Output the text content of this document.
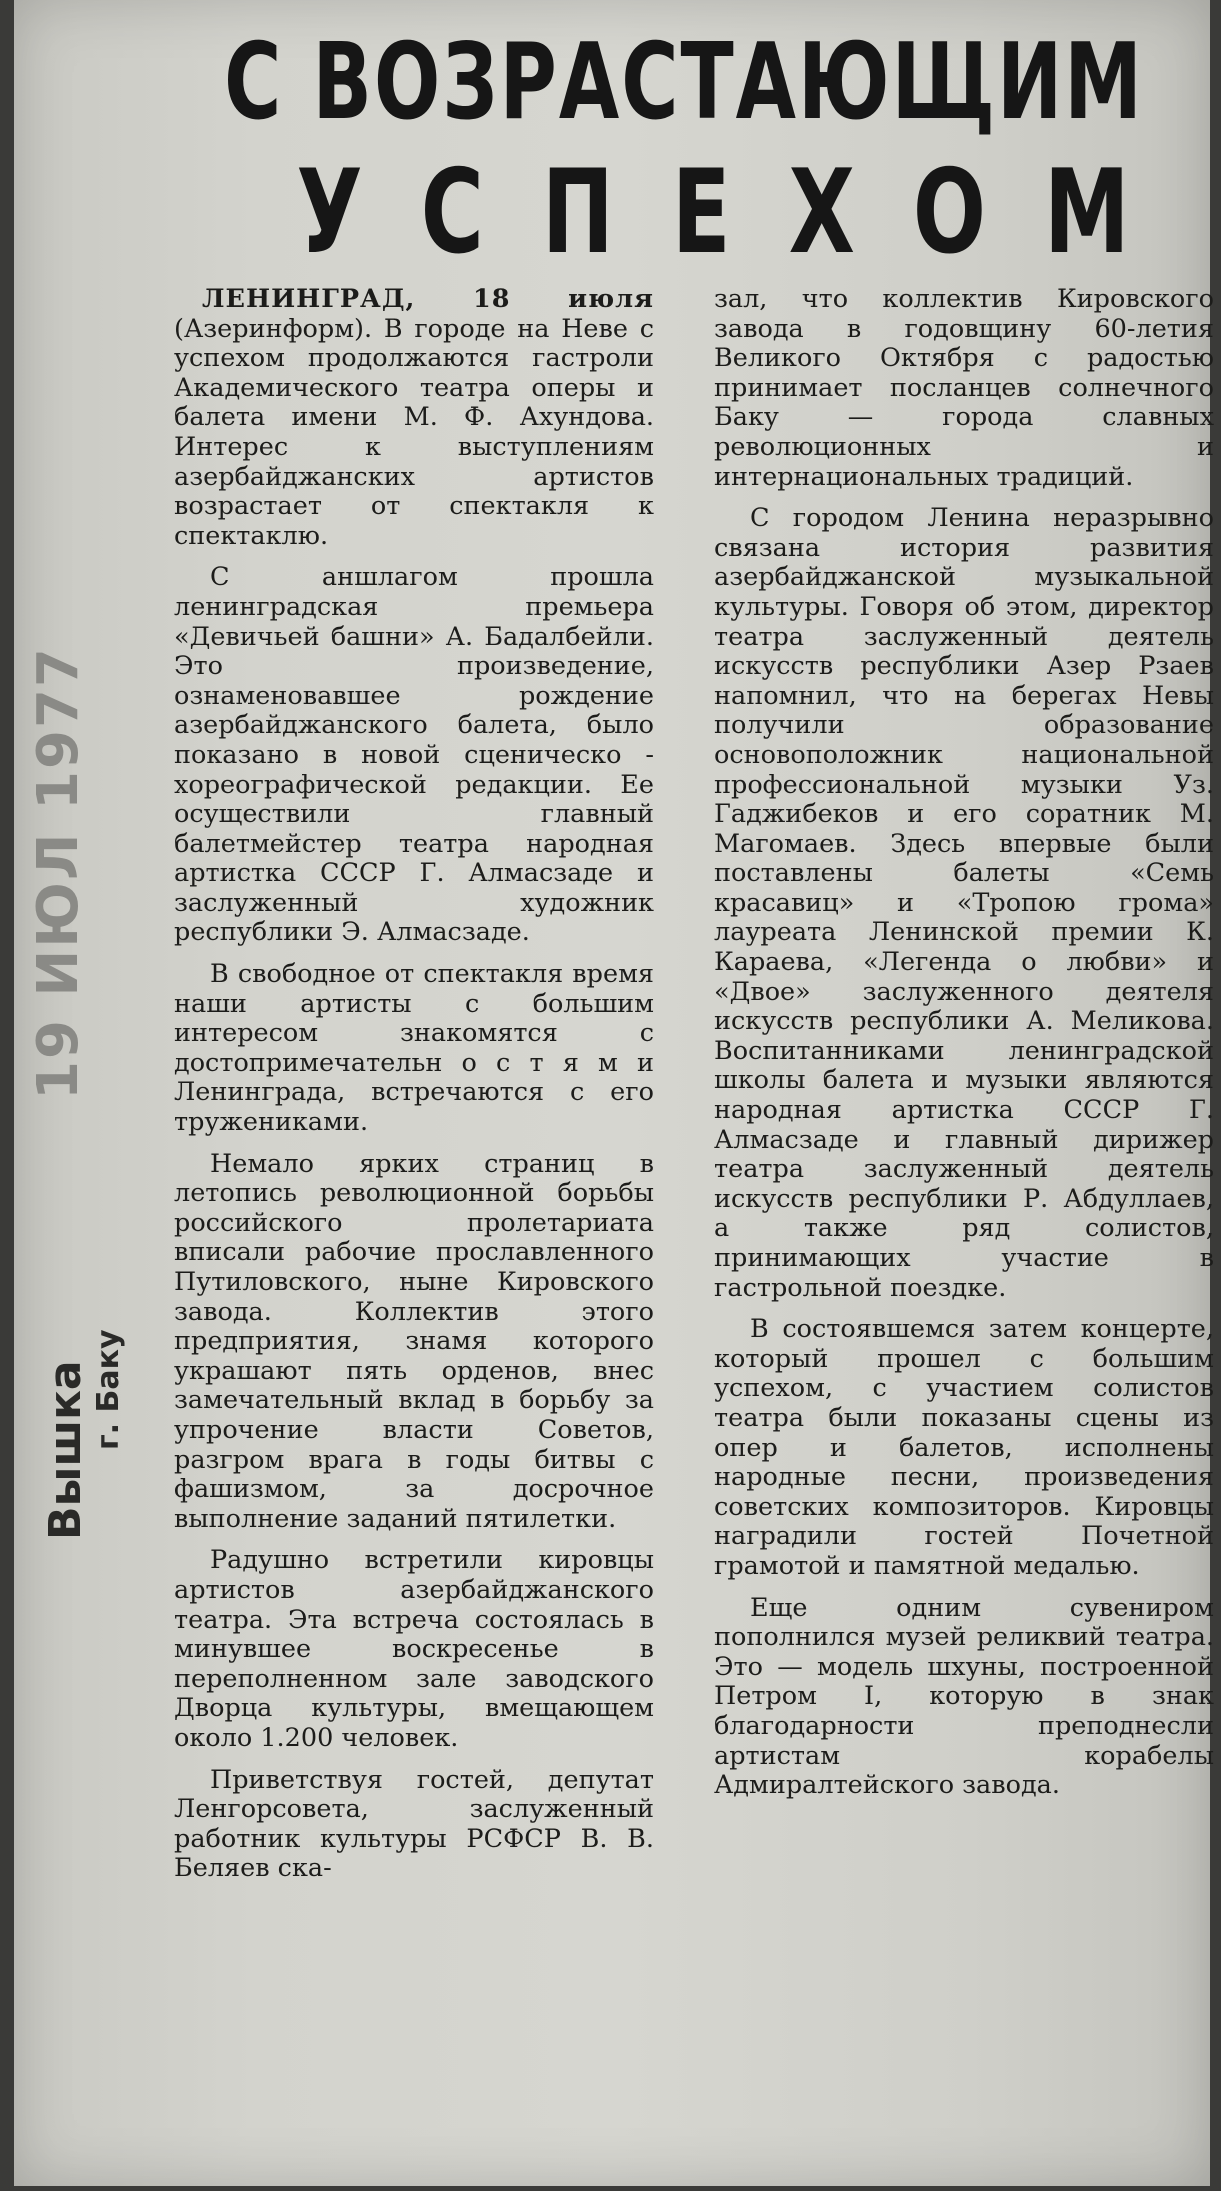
С ВОЗРАСТАЮЩИМ
УСПЕХОМ
19 ИЮЛ 1977
Вышка г. Баку

ЛЕНИНГРАД, 18 июля (Азеринформ). В городе на Неве с успехом продолжаются гастроли Академического театра оперы и балета имени М. Ф. Ахундова. Интерес к выступлениям азербайджанских артистов возрастает от спектакля к спектаклю.

С аншлагом прошла ленинградская премьера «Девичьей башни» А. Бадалбейли. Это произведение, ознаменовавшее рождение азербайджанского балета, было показано в новой сценическо - хореографической редакции. Ее осуществили главный балетмейстер театра народная артистка СССР Г. Алмасзаде и заслуженный художник республики Э. Алмасзаде.

В свободное от спектакля время наши артисты с большим интересом знакомятся с достопримечательн о с т я м и Ленинграда, встречаются с его тружениками.

Немало ярких страниц в летопись революционной борьбы российского пролетариата вписали рабочие прославленного Путиловского, ныне Кировского завода. Коллектив этого предприятия, знамя которого украшают пять орденов, внес замечательный вклад в борьбу за упрочение власти Советов, разгром врага в годы битвы с фашизмом, за досрочное выполнение заданий пятилетки.

Радушно встретили кировцы артистов азербайджанского театра. Эта встреча состоялась в минувшее воскресенье в переполненном зале заводского Дворца культуры, вмещающем около 1.200 человек.

Приветствуя гостей, депутат Ленгорсовета, заслуженный работник культуры РСФСР В. В. Беляев ска-

зал, что коллектив Кировского завода в годовщину 60-летия Великого Октября с радостью принимает посланцев солнечного Баку — города славных революционных и интернациональных традиций.

С городом Ленина неразрывно связана история развития азербайджанской музыкальной культуры. Говоря об этом, директор театра заслуженный деятель искусств республики Азер Рзаев напомнил, что на берегах Невы получили образование основоположник национальной профессиональной музыки Уз. Гаджибеков и его соратник М. Магомаев. Здесь впервые были поставлены балеты «Семь красавиц» и «Тропою грома» лауреата Ленинской премии К. Караева, «Легенда о любви» и «Двое» заслуженного деятеля искусств республики А. Меликова. Воспитанниками ленинградской школы балета и музыки являются народная артистка СССР Г. Алмасзаде и главный дирижер театра заслуженный деятель искусств республики Р. Абдуллаев, а также ряд солистов, принимающих участие в гастрольной поездке.

В состоявшемся затем концерте, который прошел с большим успехом, с участием солистов театра были показаны сцены из опер и балетов, исполнены народные песни, произведения советских композиторов. Кировцы наградили гостей Почетной грамотой и памятной медалью.

Еще одним сувениром пополнился музей реликвий театра. Это — модель шхуны, построенной Петром I, которую в знак благодарности преподнесли артистам корабелы Адмиралтейского завода.
